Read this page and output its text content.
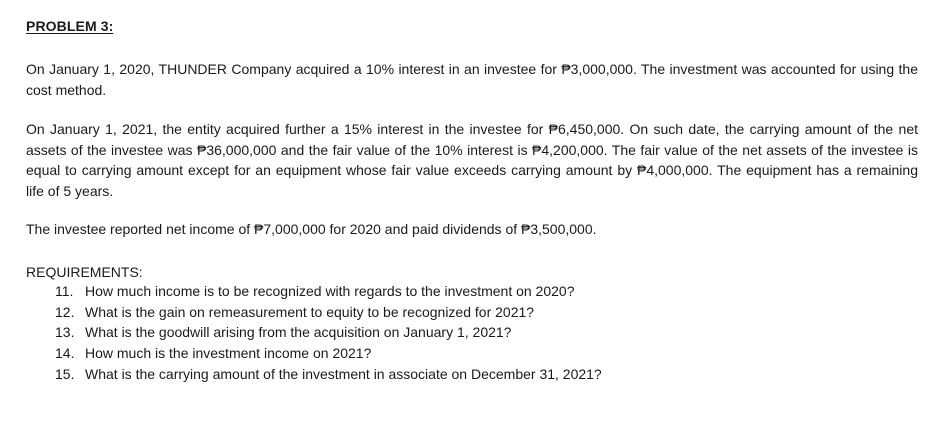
PROBLEM 3:
On January 1, 2020, THUNDER Company acquired a 10% interest in an investee for ₱3,000,000. The investment was accounted for using the cost method.
On January 1, 2021, the entity acquired further a 15% interest in the investee for ₱6,450,000. On such date, the carrying amount of the net assets of the investee was ₱36,000,000 and the fair value of the 10% interest is ₱4,200,000. The fair value of the net assets of the investee is equal to carrying amount except for an equipment whose fair value exceeds carrying amount by ₱4,000,000. The equipment has a remaining life of 5 years.
The investee reported net income of ₱7,000,000 for 2020 and paid dividends of ₱3,500,000.
REQUIREMENTS:
11. How much income is to be recognized with regards to the investment on 2020?
12. What is the gain on remeasurement to equity to be recognized for 2021?
13. What is the goodwill arising from the acquisition on January 1, 2021?
14. How much is the investment income on 2021?
15. What is the carrying amount of the investment in associate on December 31, 2021?
